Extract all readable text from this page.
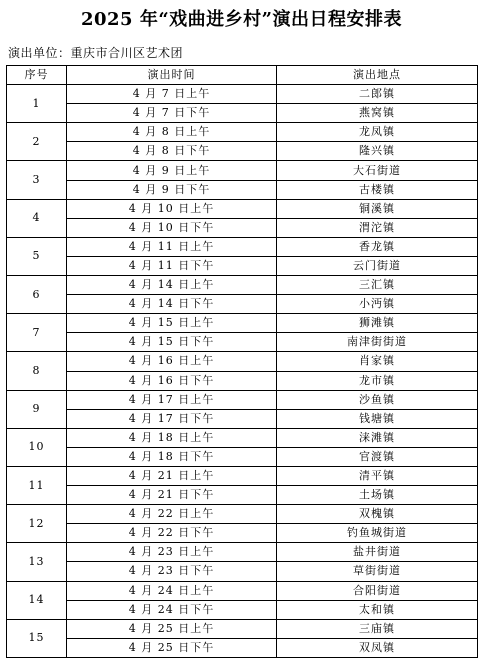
2025 年“戏曲进乡村”演出日程安排表
演出单位：重庆市合川区艺术团
序号	演出时间	演出地点
1	4 月 7 日上午	二郎镇
	4 月 7 日下午	燕窝镇
2	4 月 8 日上午	龙凤镇
	4 月 8 日下午	隆兴镇
3	4 月 9 日上午	大石街道
	4 月 9 日下午	古楼镇
4	4 月 10 日上午	铜溪镇
	4 月 10 日下午	渭沱镇
5	4 月 11 日上午	香龙镇
	4 月 11 日下午	云门街道
6	4 月 14 日上午	三汇镇
	4 月 14 日下午	小沔镇
7	4 月 15 日上午	狮滩镇
	4 月 15 日下午	南津街街道
8	4 月 16 日上午	肖家镇
	4 月 16 日下午	龙市镇
9	4 月 17 日上午	沙鱼镇
	4 月 17 日下午	钱塘镇
10	4 月 18 日上午	涞滩镇
	4 月 18 日下午	官渡镇
11	4 月 21 日上午	清平镇
	4 月 21 日下午	土场镇
12	4 月 22 日上午	双槐镇
	4 月 22 日下午	钓鱼城街道
13	4 月 23 日上午	盐井街道
	4 月 23 日下午	草街街道
14	4 月 24 日上午	合阳街道
	4 月 24 日下午	太和镇
15	4 月 25 日上午	三庙镇
	4 月 25 日下午	双凤镇
